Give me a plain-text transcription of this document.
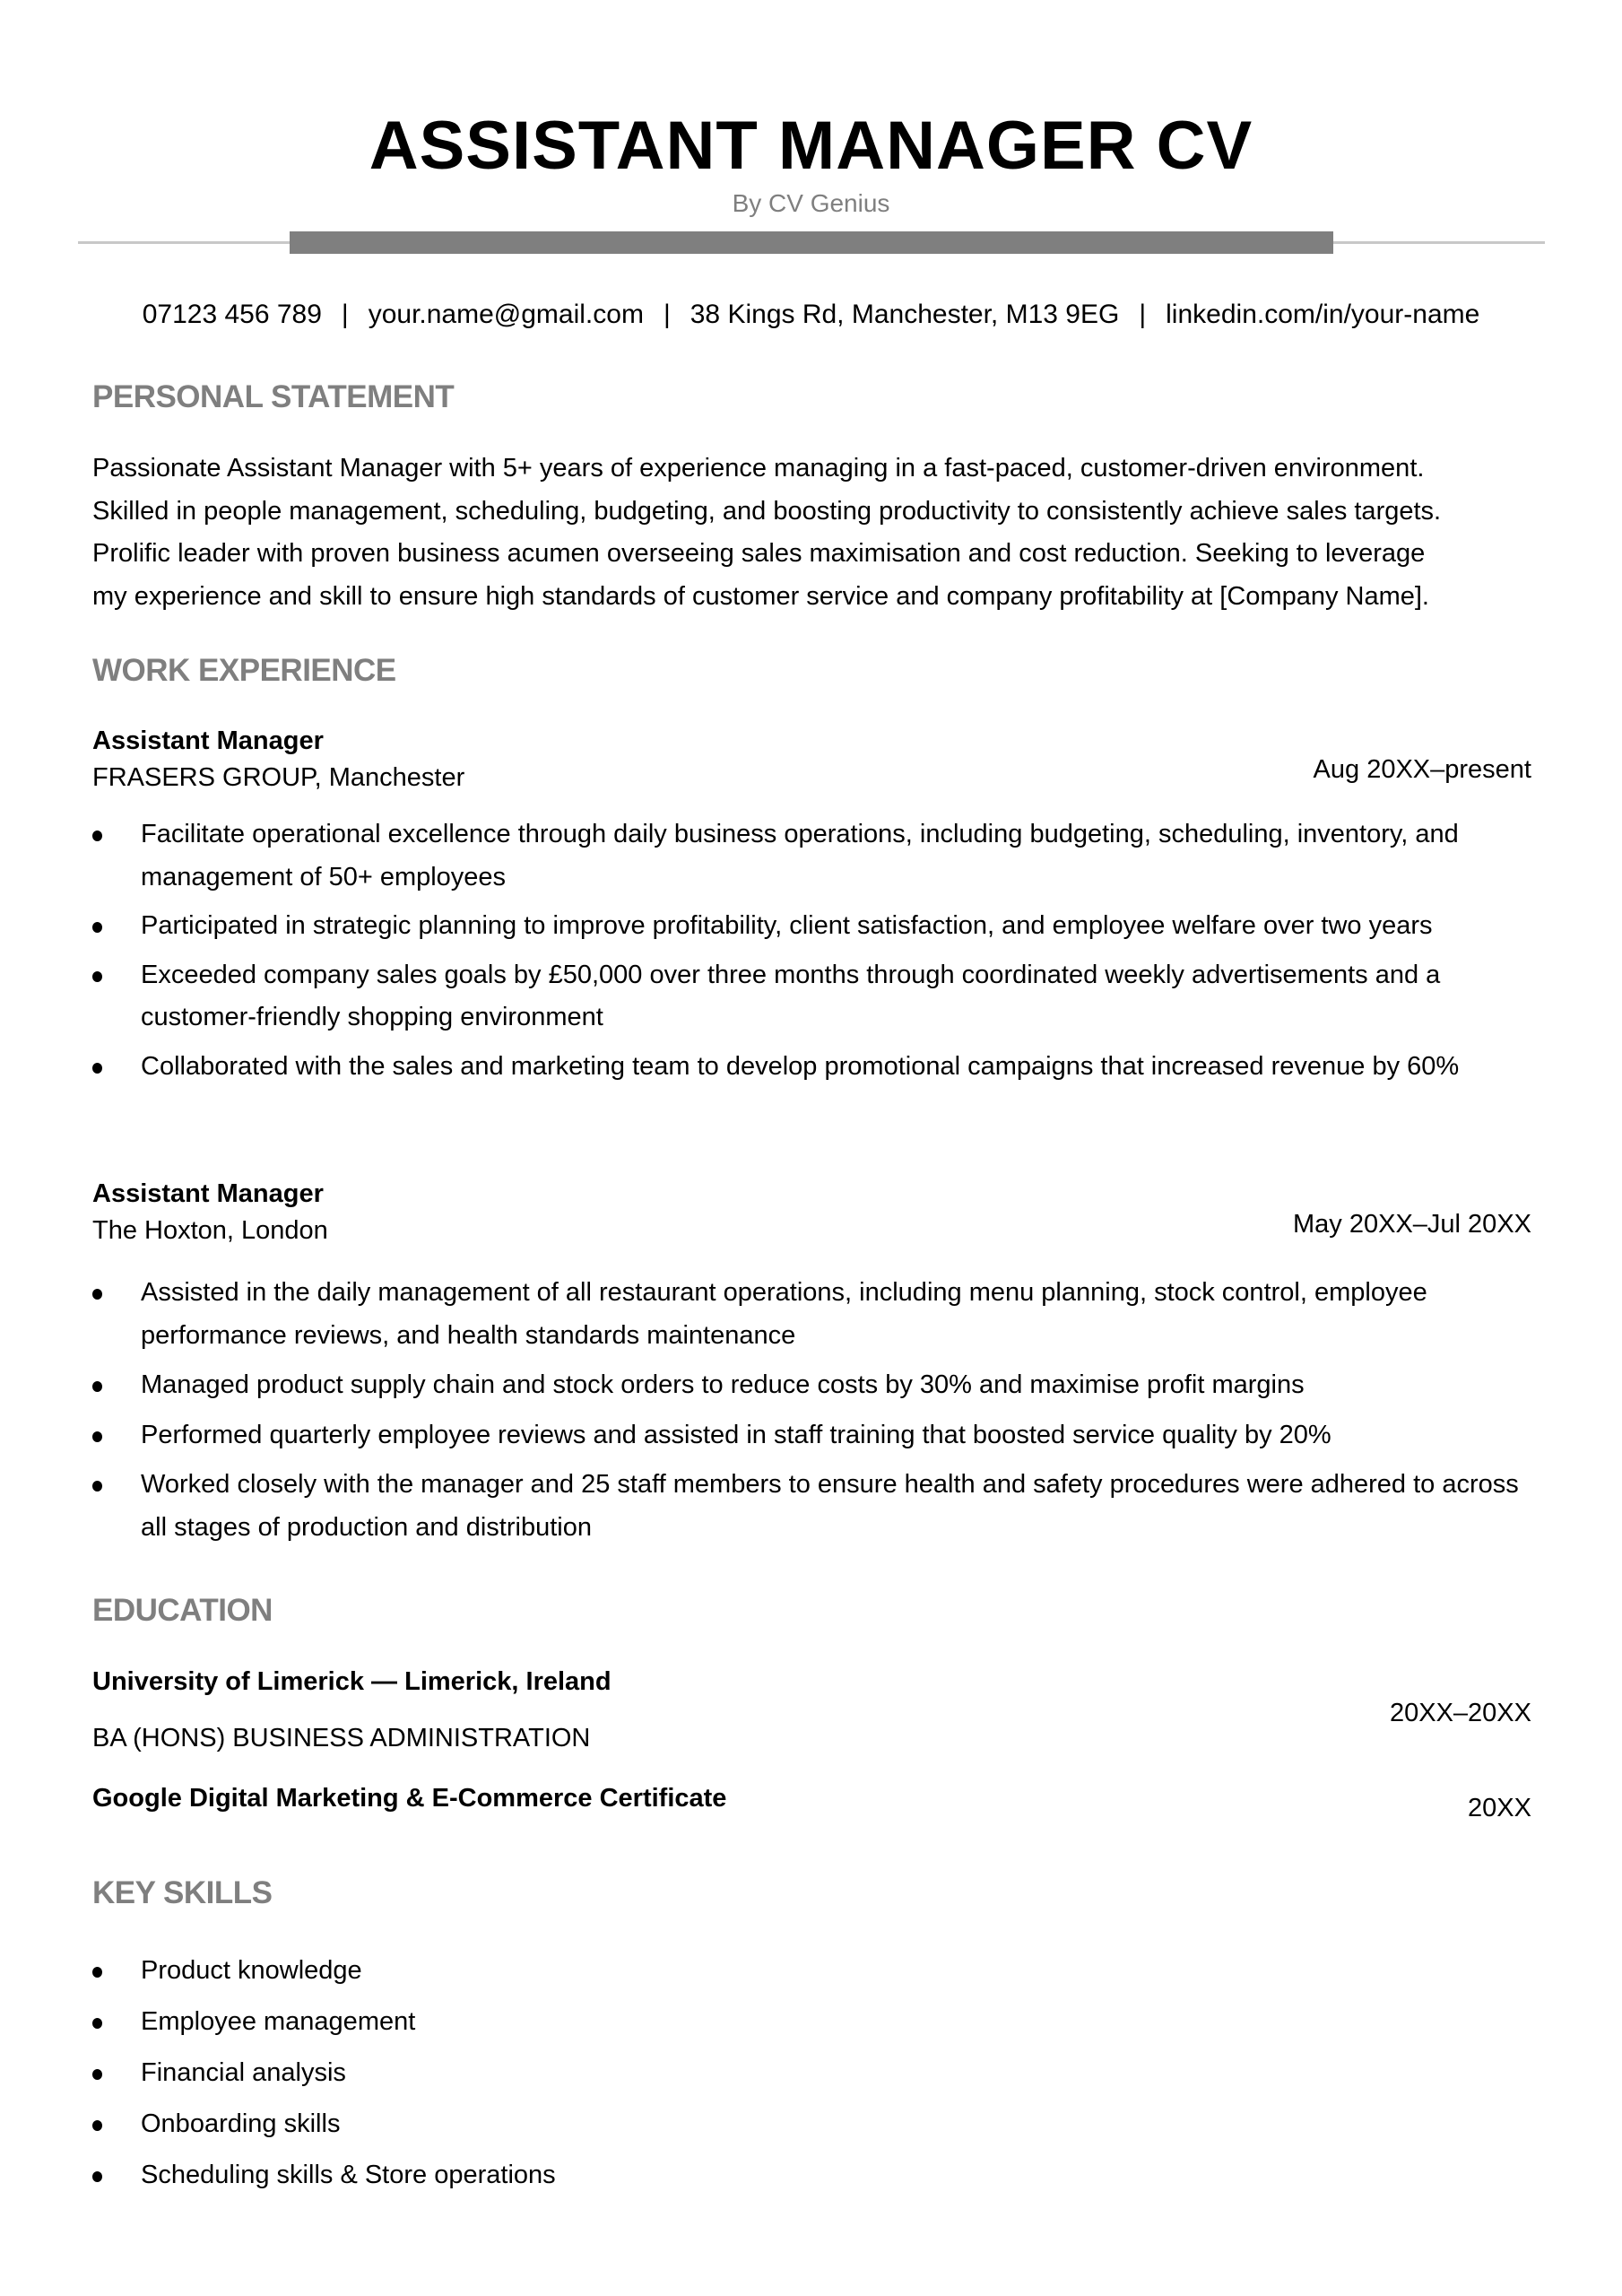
ASSISTANT MANAGER CV
By CV Genius
07123 456 789 | your.name@gmail.com | 38 Kings Rd, Manchester, M13 9EG | linkedin.com/in/your-name
PERSONAL STATEMENT
Passionate Assistant Manager with 5+ years of experience managing in a fast-paced, customer-driven environment.
Skilled in people management, scheduling, budgeting, and boosting productivity to consistently achieve sales targets.
Prolific leader with proven business acumen overseeing sales maximisation and cost reduction. Seeking to leverage
my experience and skill to ensure high standards of customer service and company profitability at [Company Name].
WORK EXPERIENCE
Assistant Manager
FRASERS GROUP, Manchester	Aug 20XX–present
Facilitate operational excellence through daily business operations, including budgeting, scheduling, inventory, and management of 50+ employees
Participated in strategic planning to improve profitability, client satisfaction, and employee welfare over two years
Exceeded company sales goals by £50,000 over three months through coordinated weekly advertisements and a customer-friendly shopping environment
Collaborated with the sales and marketing team to develop promotional campaigns that increased revenue by 60%
Assistant Manager
The Hoxton, London	May 20XX–Jul 20XX
Assisted in the daily management of all restaurant operations, including menu planning, stock control, employee performance reviews, and health standards maintenance
Managed product supply chain and stock orders to reduce costs by 30% and maximise profit margins
Performed quarterly employee reviews and assisted in staff training that boosted service quality by 20%
Worked closely with the manager and 25 staff members to ensure health and safety procedures were adhered to across all stages of production and distribution
EDUCATION
University of Limerick — Limerick, Ireland
20XX–20XX
BA (HONS) BUSINESS ADMINISTRATION
Google Digital Marketing & E-Commerce Certificate	20XX
KEY SKILLS
Product knowledge
Employee management
Financial analysis
Onboarding skills
Scheduling skills & Store operations
